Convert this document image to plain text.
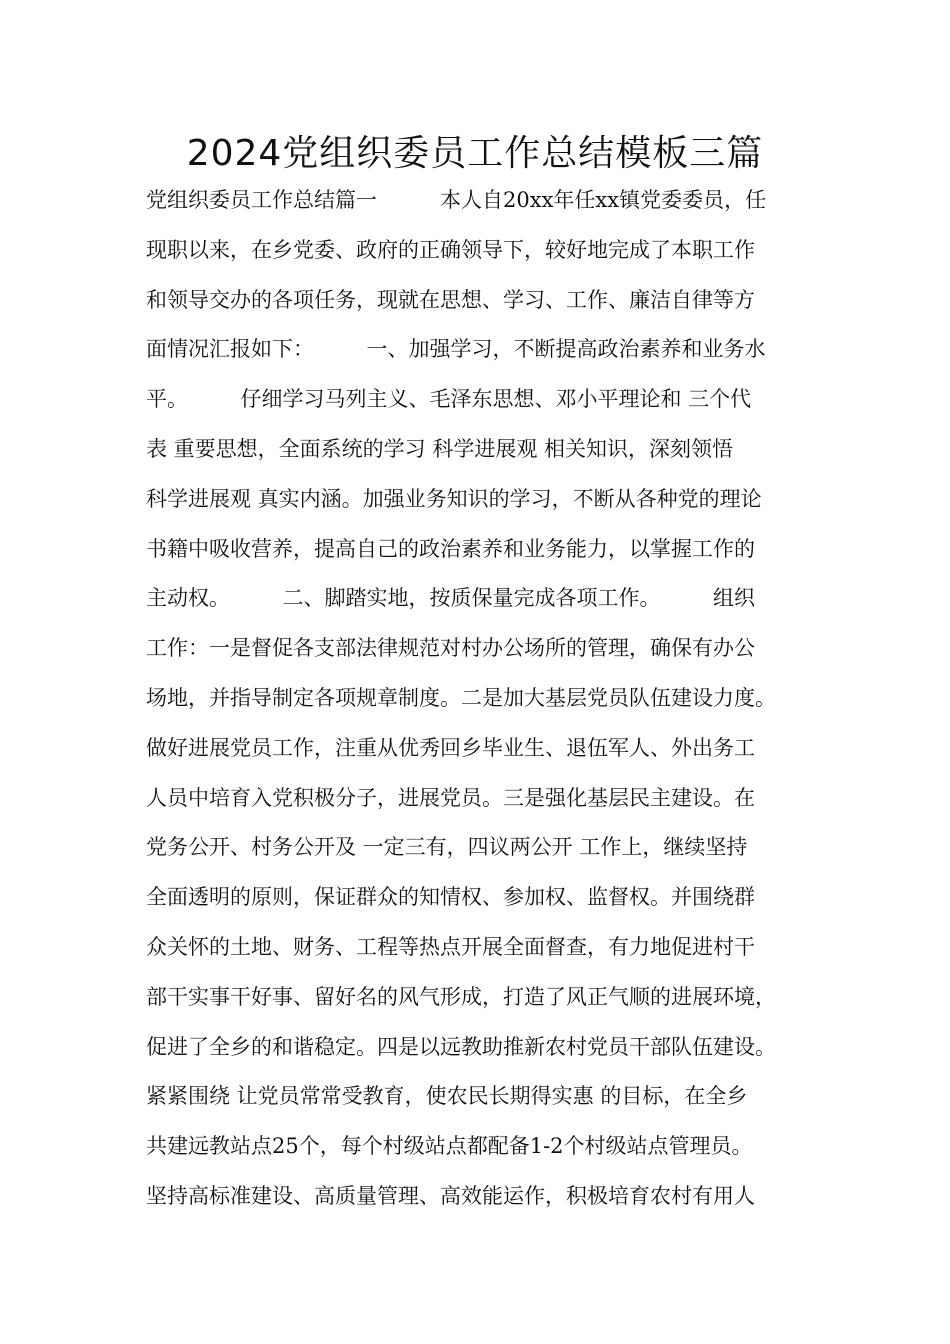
2024党组织委员工作总结模板三篇
党组织委员工作总结篇一　　　本人自20xx年任xx镇党委委员，任
现职以来，在乡党委、政府的正确领导下，较好地完成了本职工作
和领导交办的各项任务，现就在思想、学习、工作、廉洁自律等方
面情况汇报如下：　　　一、加强学习，不断提高政治素养和业务水
平。　　　仔细学习马列主义、毛泽东思想、邓小平理论和 三个代
表 重要思想，全面系统的学习 科学进展观 相关知识，深刻领悟
科学进展观 真实内涵。加强业务知识的学习，不断从各种党的理论
书籍中吸收营养，提高自己的政治素养和业务能力，以掌握工作的
主动权。　　　二、脚踏实地，按质保量完成各项工作。　　　组织
工作：一是督促各支部法律规范对村办公场所的管理，确保有办公
场地，并指导制定各项规章制度。二是加大基层党员队伍建设力度。
做好进展党员工作，注重从优秀回乡毕业生、退伍军人、外出务工
人员中培育入党积极分子，进展党员。三是强化基层民主建设。在
党务公开、村务公开及 一定三有，四议两公开 工作上，继续坚持
全面透明的原则，保证群众的知情权、参加权、监督权。并围绕群
众关怀的土地、财务、工程等热点开展全面督查，有力地促进村干
部干实事干好事、留好名的风气形成，打造了风正气顺的进展环境，
促进了全乡的和谐稳定。四是以远教助推新农村党员干部队伍建设。
紧紧围绕 让党员常常受教育，使农民长期得实惠 的目标，在全乡
共建远教站点25个，每个村级站点都配备1-2个村级站点管理员。
坚持高标准建设、高质量管理、高效能运作，积极培育农村有用人
